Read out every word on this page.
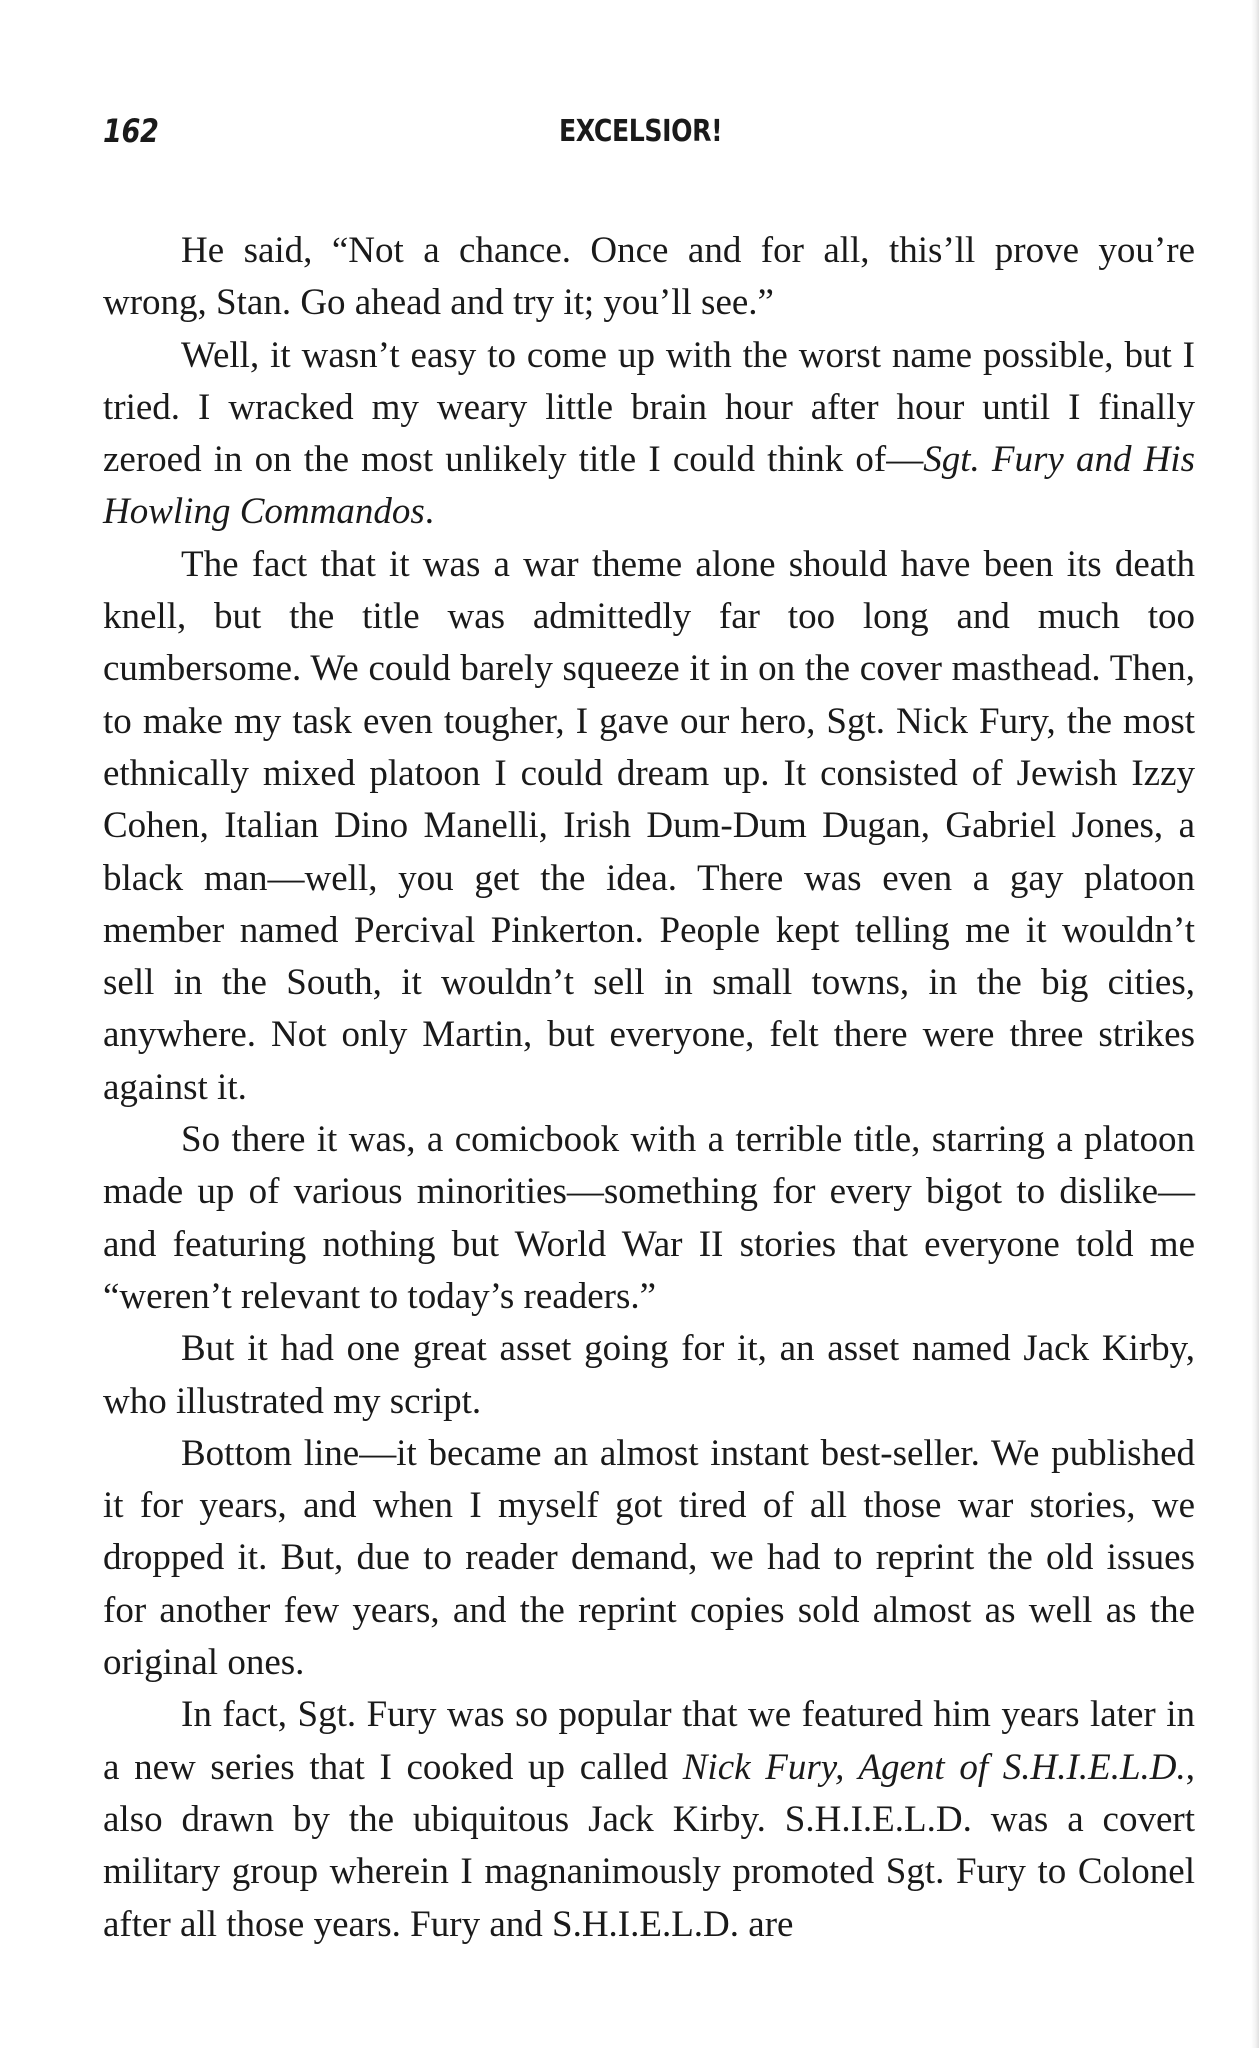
162	EXCELSIOR!

He said, “Not a chance. Once and for all, this’ll prove you’re wrong, Stan. Go ahead and try it; you’ll see.”

Well, it wasn’t easy to come up with the worst name possible, but I tried. I wracked my weary little brain hour after hour until I finally zeroed in on the most unlikely title I could think of—Sgt. Fury and His Howling Commandos.

The fact that it was a war theme alone should have been its death knell, but the title was admittedly far too long and much too cumbersome. We could barely squeeze it in on the cover masthead. Then, to make my task even tougher, I gave our hero, Sgt. Nick Fury, the most ethnically mixed platoon I could dream up. It consisted of Jewish Izzy Cohen, Italian Dino Manelli, Irish Dum-Dum Dugan, Gabriel Jones, a black man—well, you get the idea. There was even a gay platoon member named Percival Pinkerton. People kept telling me it wouldn’t sell in the South, it wouldn’t sell in small towns, in the big cities, anywhere. Not only Martin, but everyone, felt there were three strikes against it.

So there it was, a comicbook with a terrible title, starring a platoon made up of various minorities—something for every bigot to dislike—and featuring nothing but World War II stories that everyone told me “weren’t relevant to today’s readers.”

But it had one great asset going for it, an asset named Jack Kirby, who illustrated my script.

Bottom line—it became an almost instant best-seller. We published it for years, and when I myself got tired of all those war stories, we dropped it. But, due to reader demand, we had to reprint the old issues for another few years, and the reprint copies sold almost as well as the original ones.

In fact, Sgt. Fury was so popular that we featured him years later in a new series that I cooked up called Nick Fury, Agent of S.H.I.E.L.D., also drawn by the ubiquitous Jack Kirby. S.H.I.E.L.D. was a covert military group wherein I magnanimously promoted Sgt. Fury to Colonel after all those years. Fury and S.H.I.E.L.D. are
